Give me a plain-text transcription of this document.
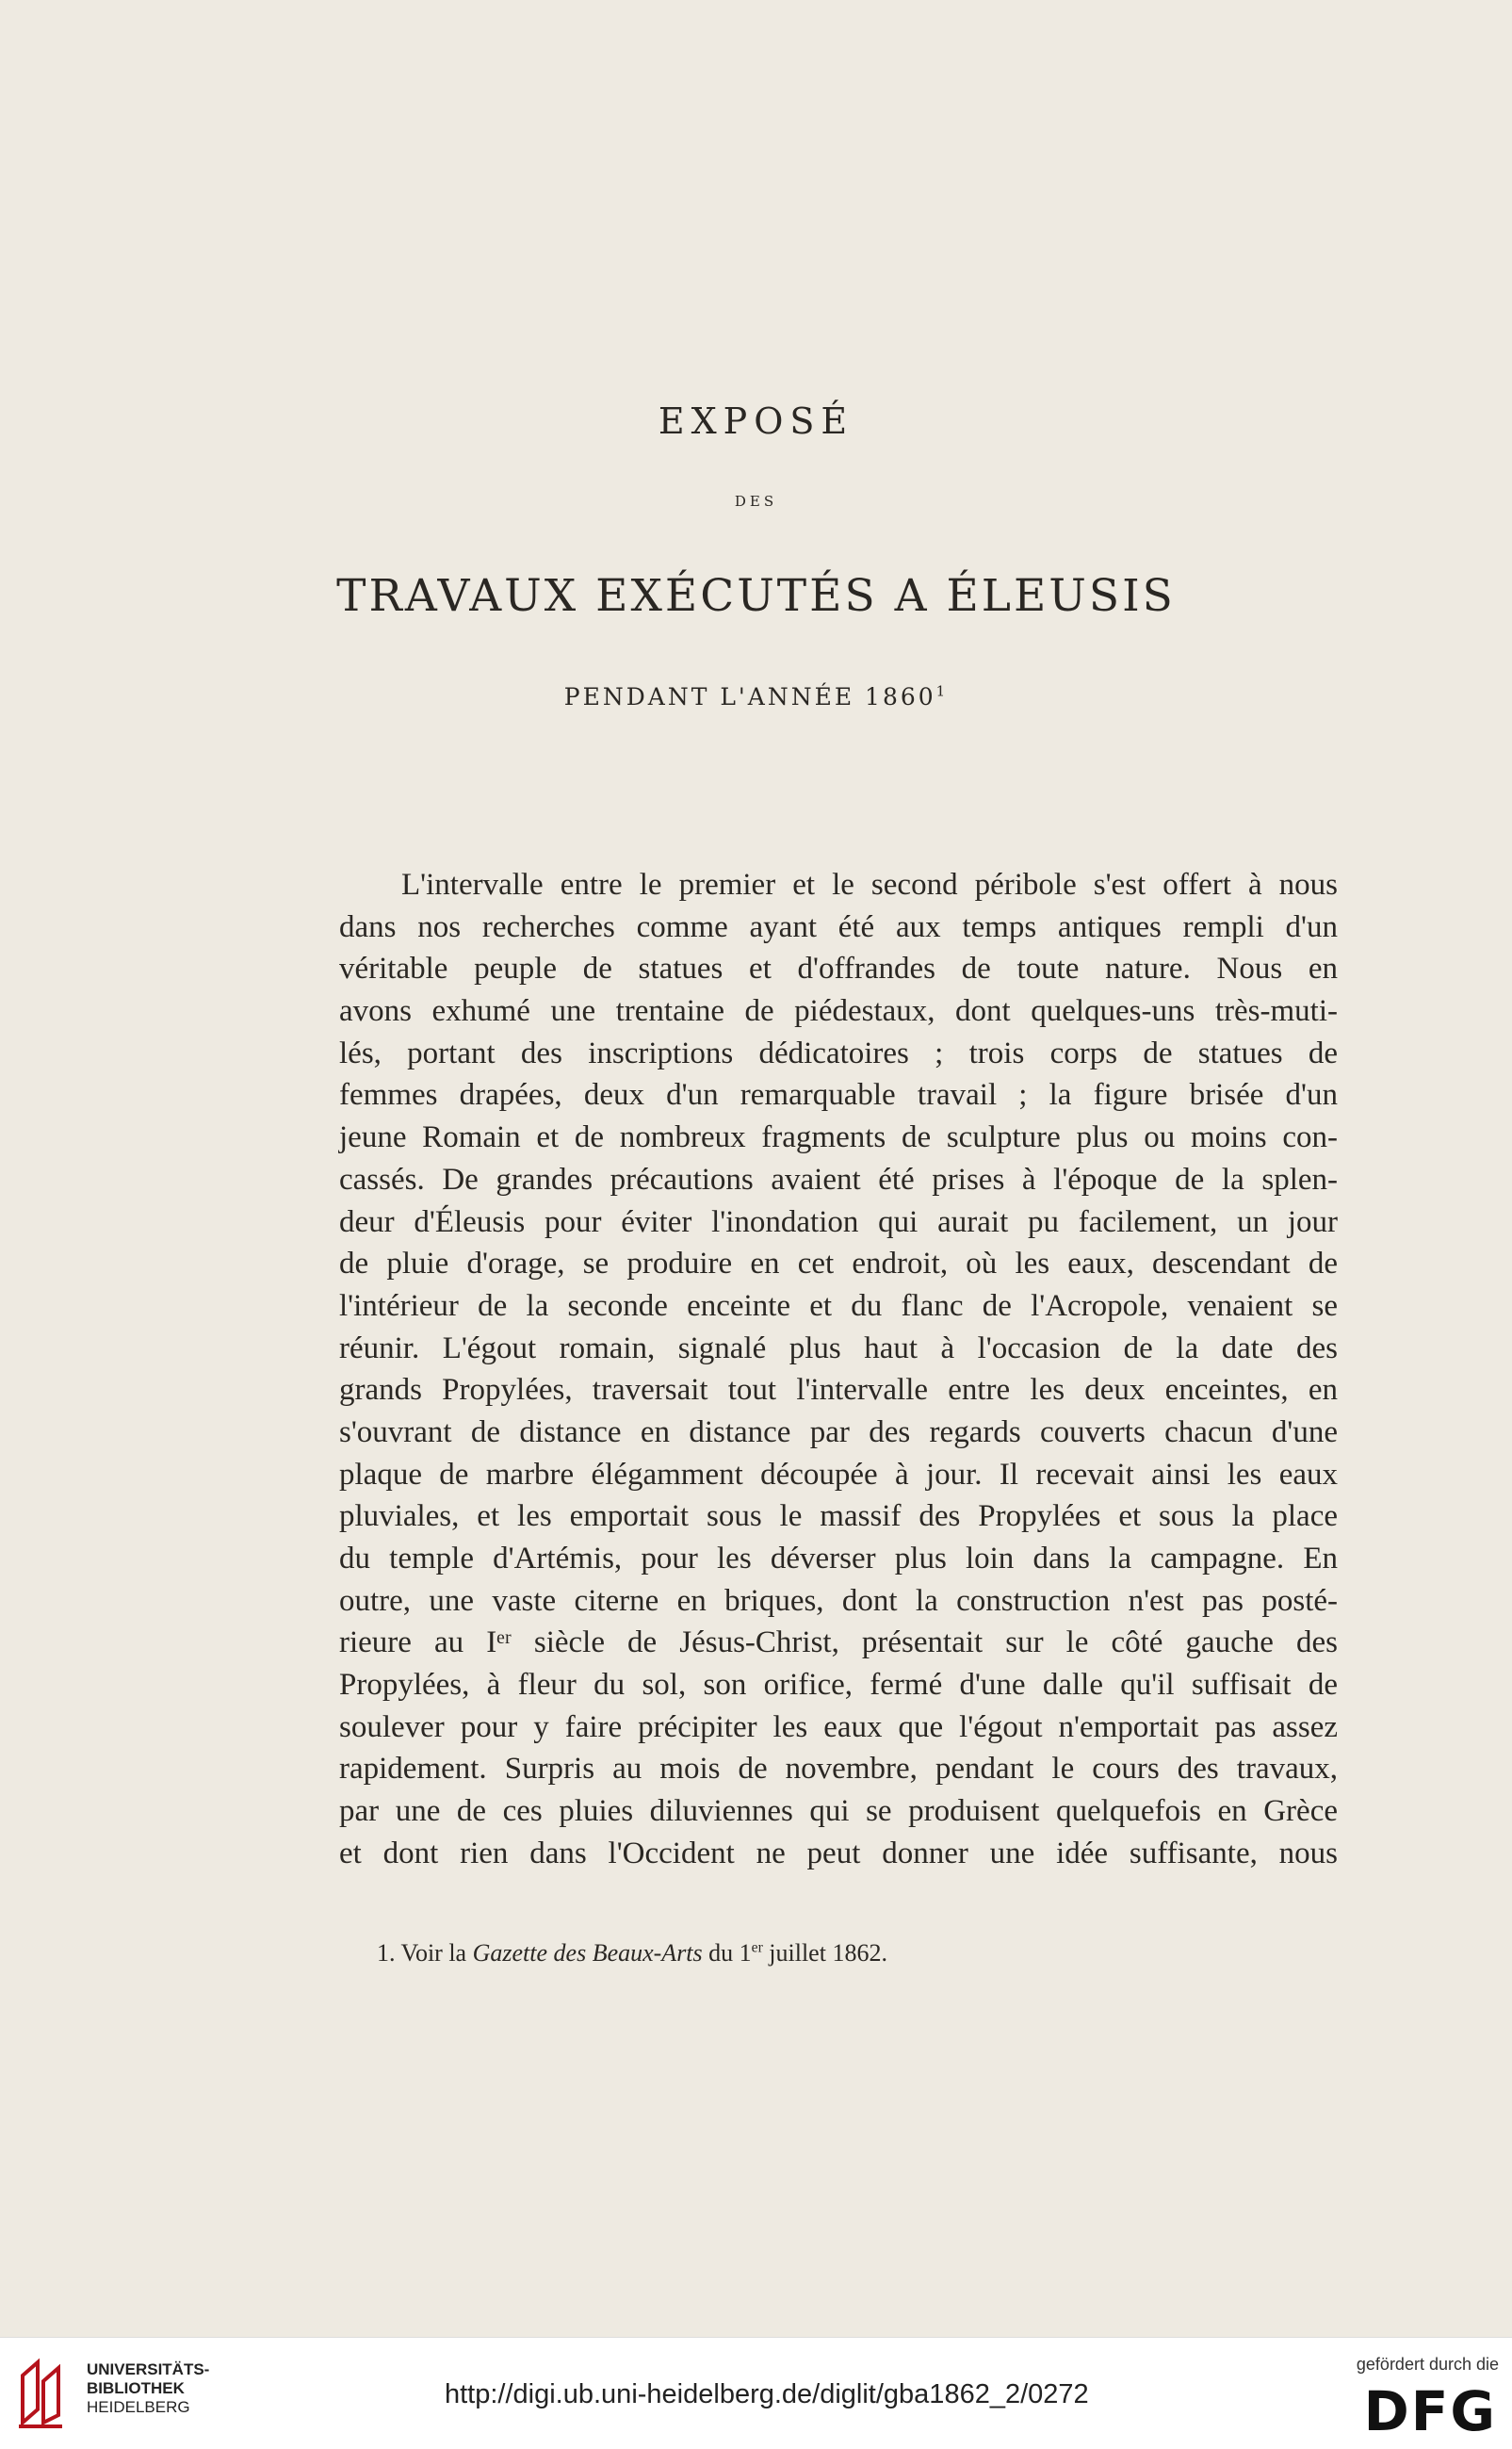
EXPOSÉ
DES
TRAVAUX EXÉCUTÉS A ÉLEUSIS
PENDANT L'ANNÉE 1860$^1$
L'intervalle entre le premier et le second péribole s'est offert à nous
dans nos recherches comme ayant été aux temps antiques rempli d'un
véritable peuple de statues et d'offrandes de toute nature. Nous en
avons exhumé une trentaine de piédestaux, dont quelques-uns très-muti-
lés, portant des inscriptions dédicatoires ; trois corps de statues de
femmes drapées, deux d'un remarquable travail ; la figure brisée d'un
jeune Romain et de nombreux fragments de sculpture plus ou moins con-
cassés. De grandes précautions avaient été prises à l'époque de la splen-
deur d'Éleusis pour éviter l'inondation qui aurait pu facilement, un jour
de pluie d'orage, se produire en cet endroit, où les eaux, descendant de
l'intérieur de la seconde enceinte et du flanc de l'Acropole, venaient se
réunir. L'égout romain, signalé plus haut à l'occasion de la date des
grands Propylées, traversait tout l'intervalle entre les deux enceintes, en
s'ouvrant de distance en distance par des regards couverts chacun d'une
plaque de marbre élégamment découpée à jour. Il recevait ainsi les eaux
pluviales, et les emportait sous le massif des Propylées et sous la place
du temple d'Artémis, pour les déverser plus loin dans la campagne. En
outre, une vaste citerne en briques, dont la construction n'est pas posté-
rieure au Iᵉʳ siècle de Jésus-Christ, présentait sur le côté gauche des
Propylées, à fleur du sol, son orifice, fermé d'une dalle qu'il suffisait de
soulever pour y faire précipiter les eaux que l'égout n'emportait pas assez
rapidement. Surpris au mois de novembre, pendant le cours des travaux,
par une de ces pluies diluviennes qui se produisent quelquefois en Grèce
et dont rien dans l'Occident ne peut donner une idée suffisante, nous
1. Voir la Gazette des Beaux-Arts du 1er juillet 1862.
UNIVERSITÄTS-
BIBLIOTHEK
HEIDELBERG	http://digi.ub.uni-heidelberg.de/diglit/gba1862_2/0272
gefördert durch die
DFG
